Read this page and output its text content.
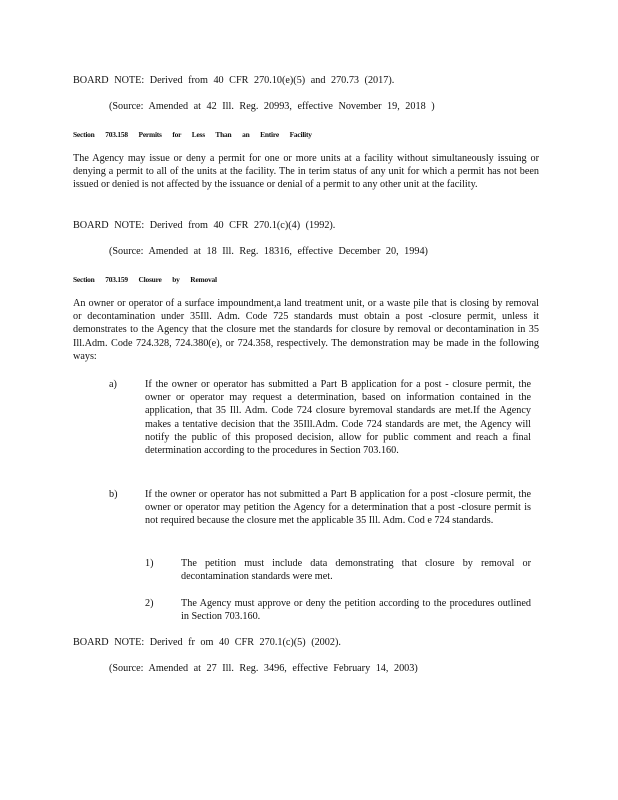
BOARD NOTE: Derived from 40 CFR 270.10(e)(5) and 270.73 (2017).
(Source: Amended at 42 Ill. Reg. 20993, effective November 19, 2018 )
Section 703.158 Permits for Less Than an Entire Facility
The Agency may issue or deny a permit for one or more units at a facility without simultaneously issuing or denying a permit to all of the units at the facility. The in terim status of any unit for which a permit has not been issued or denied is not affected by the issuance or denial of a permit to any other unit at the facility.
BOARD NOTE: Derived from 40 CFR 270.1(c)(4) (1992).
(Source: Amended at 18 Ill. Reg. 18316, effective December 20, 1994)
Section 703.159 Closure by Removal
An owner or operator of a surface impoundment,a land treatment unit, or a waste pile that is closing by removal or decontamination under 35Ill. Adm. Code 725 standards must obtain a post -closure permit, unless it demonstrates to the Agency that the closure met the standards for closure by removal or decontamination in 35 Ill.Adm. Code 724.328, 724.380(e), or 724.358, respectively. The demonstration may be made in the following ways:
a)	If the owner or operator has submitted a Part B application for a post - closure permit, the owner or operator may request a determination, based on information contained in the application, that 35 Ill. Adm. Code 724 closure byremoval standards are met.If the Agency makes a tentative decision that the 35Ill.Adm. Code 724 standards are met, the Agency will notify the public of this proposed decision, allow for public comment and reach a final determination according to the procedures in Section 703.160.
b)	If the owner or operator has not submitted a Part B application for a post -closure permit, the owner or operator may petition the Agency for a determination that a post -closure permit is not required because the closure met the applicable 35 Ill. Adm. Cod e 724 standards.
1)	The petition must include data demonstrating that closure by removal or decontamination standards were met.
2)	The Agency must approve or deny the petition according to the procedures outlined in Section 703.160.
BOARD NOTE: Derived fr om 40 CFR 270.1(c)(5) (2002).
(Source: Amended at 27 Ill. Reg. 3496, effective February 14, 2003)
